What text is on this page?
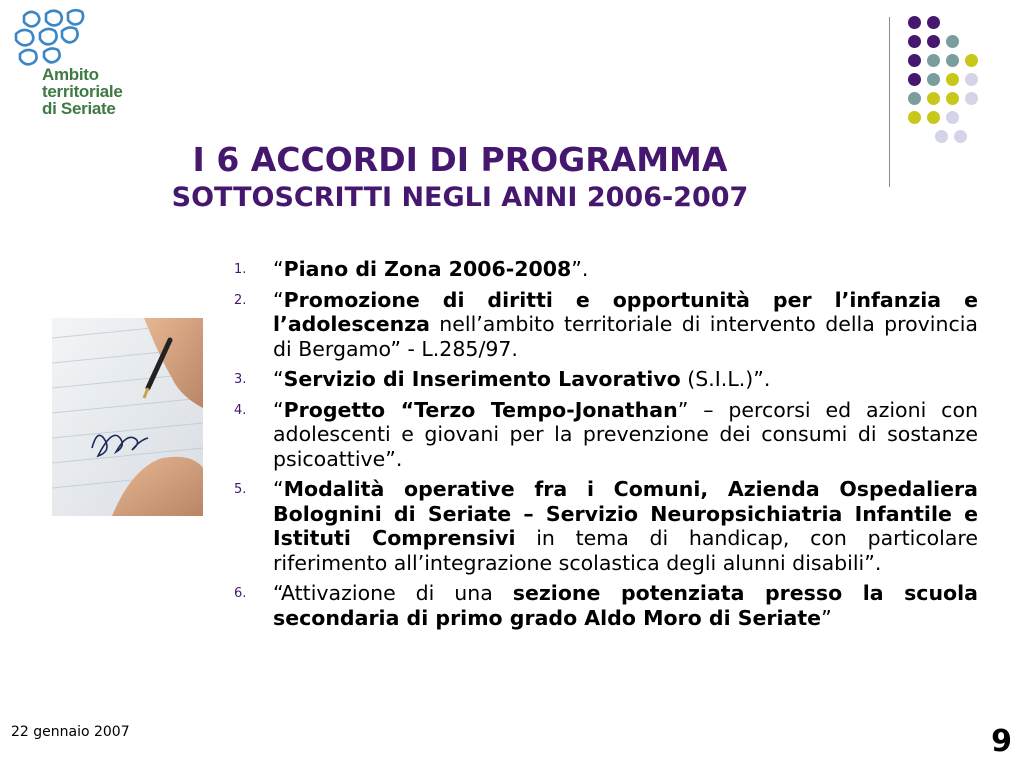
Ambito
territoriale
di Seriate
I 6 ACCORDI DI PROGRAMMA
SOTTOSCRITTI NEGLI ANNI 2006-2007
1. “Piano di Zona 2006-2008”.
2. “Promozione di diritti e opportunità per l’infanzia e l’adolescenza nell’ambito territoriale di intervento della provincia di Bergamo” - L.285/97.
3. “Servizio di Inserimento Lavorativo (S.I.L.)”.
4. “Progetto “Terzo Tempo-Jonathan” – percorsi ed azioni con adolescenti e giovani per la prevenzione dei consumi di sostanze psicoattive”.
5. “Modalità operative fra i Comuni, Azienda Ospedaliera Bolognini di Seriate – Servizio Neuropsichiatria Infantile e Istituti Comprensivi in tema di handicap, con particolare riferimento all’integrazione scolastica degli alunni disabili”.
6. “Attivazione di una sezione potenziata presso la scuola secondaria di primo grado Aldo Moro di Seriate”
22 gennaio 2007	9
